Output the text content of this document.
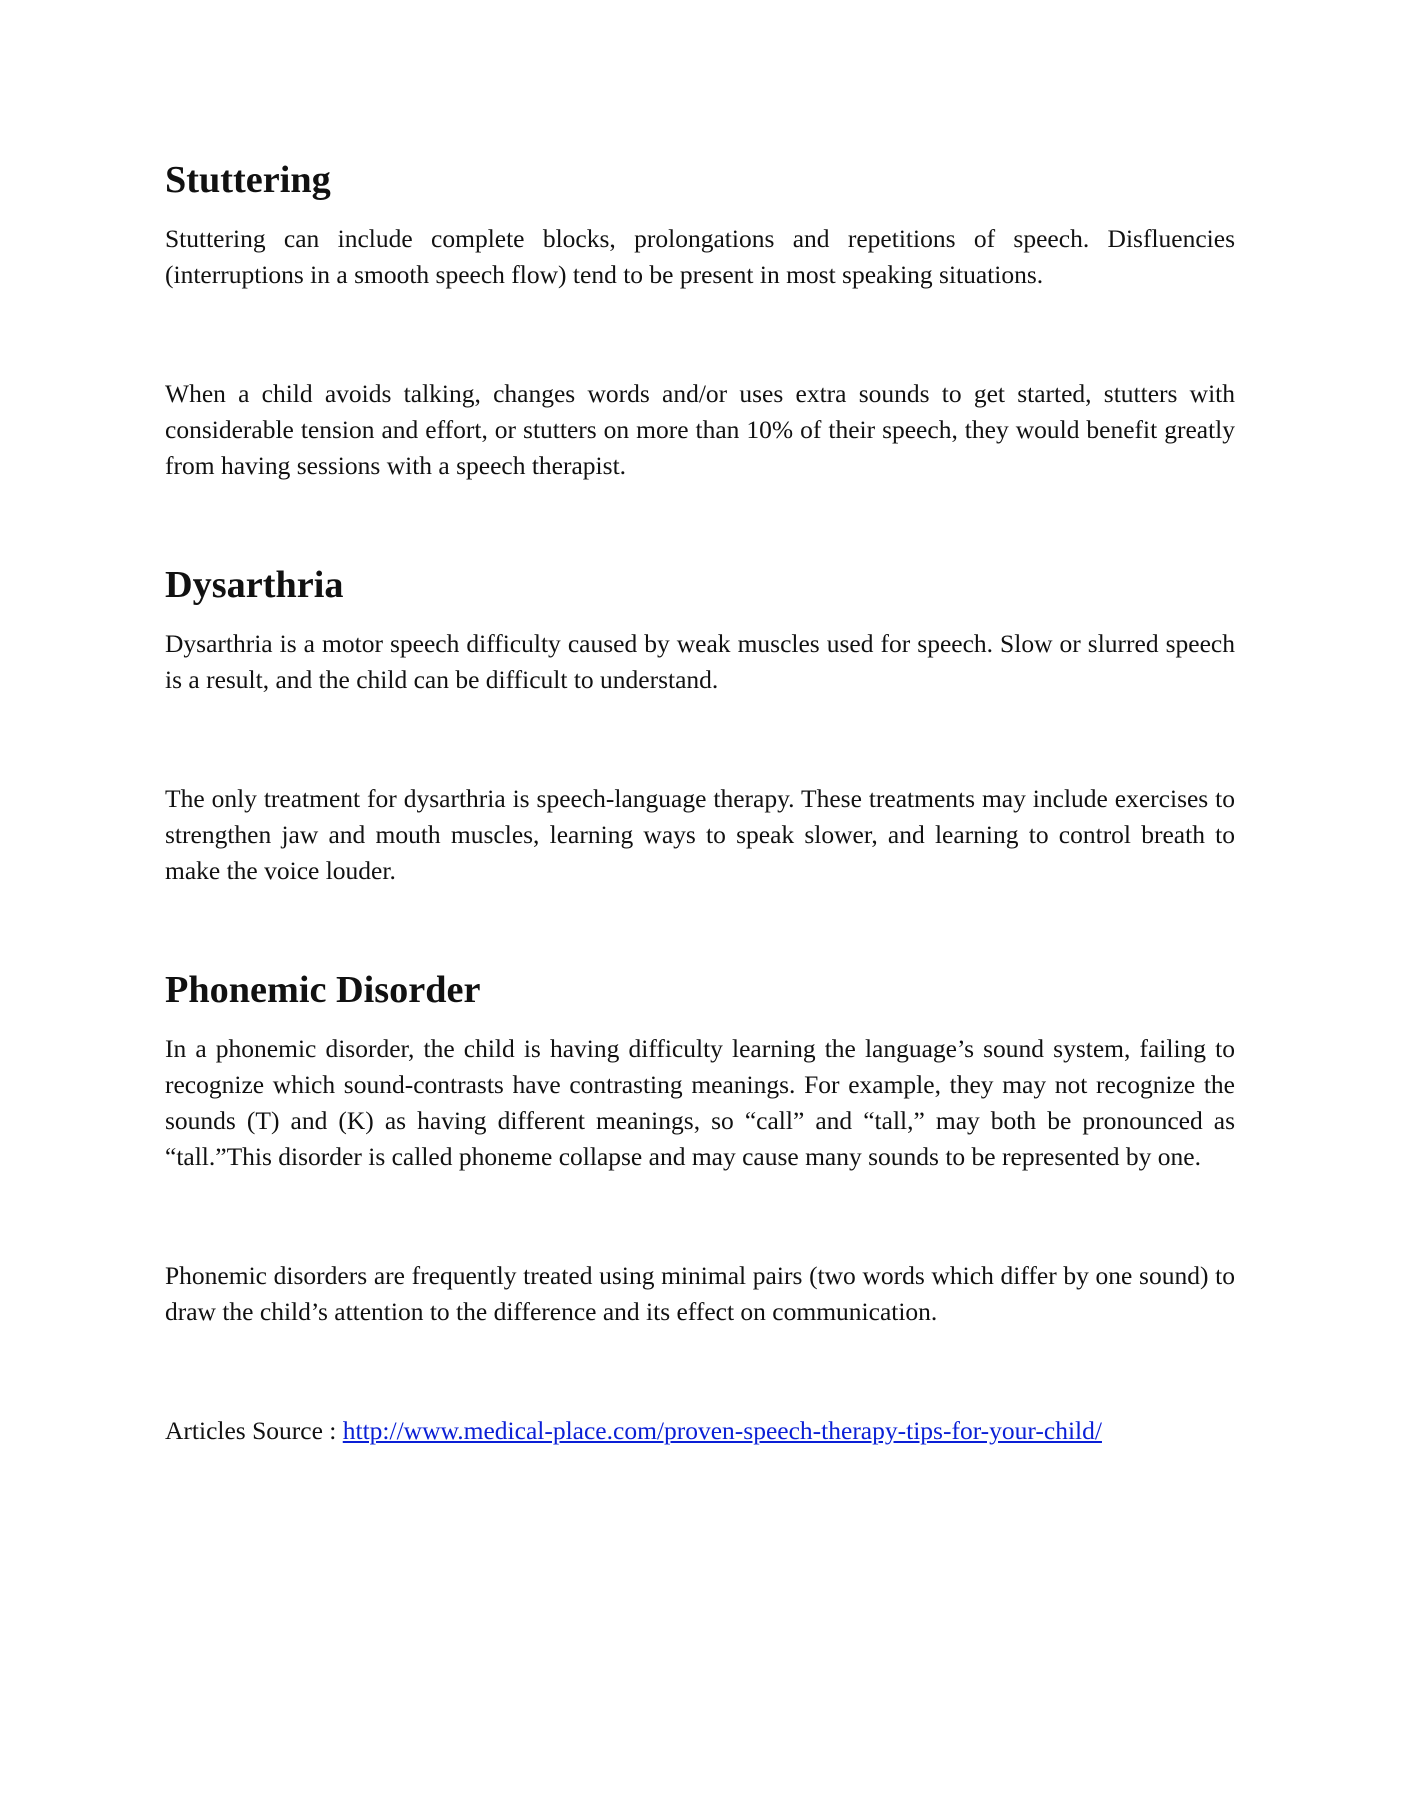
Stuttering

Stuttering can include complete blocks, prolongations and repetitions of speech. Disfluencies (interruptions in a smooth speech flow) tend to be present in most speaking situations.

When a child avoids talking, changes words and/or uses extra sounds to get started, stutters with considerable tension and effort, or stutters on more than 10% of their speech, they would benefit greatly from having sessions with a speech therapist.

Dysarthria

Dysarthria is a motor speech difficulty caused by weak muscles used for speech. Slow or slurred speech is a result, and the child can be difficult to understand.

The only treatment for dysarthria is speech-language therapy. These treatments may include exercises to strengthen jaw and mouth muscles, learning ways to speak slower, and learning to control breath to make the voice louder.

Phonemic Disorder

In a phonemic disorder, the child is having difficulty learning the language’s sound system, failing to recognize which sound-contrasts have contrasting meanings. For example, they may not recognize the sounds (T) and (K) as having different meanings, so “call” and “tall,” may both be pronounced as “tall.”This disorder is called phoneme collapse and may cause many sounds to be represented by one.

Phonemic disorders are frequently treated using minimal pairs (two words which differ by one sound) to draw the child’s attention to the difference and its effect on communication.

Articles Source : http://www.medical-place.com/proven-speech-therapy-tips-for-your-child/
